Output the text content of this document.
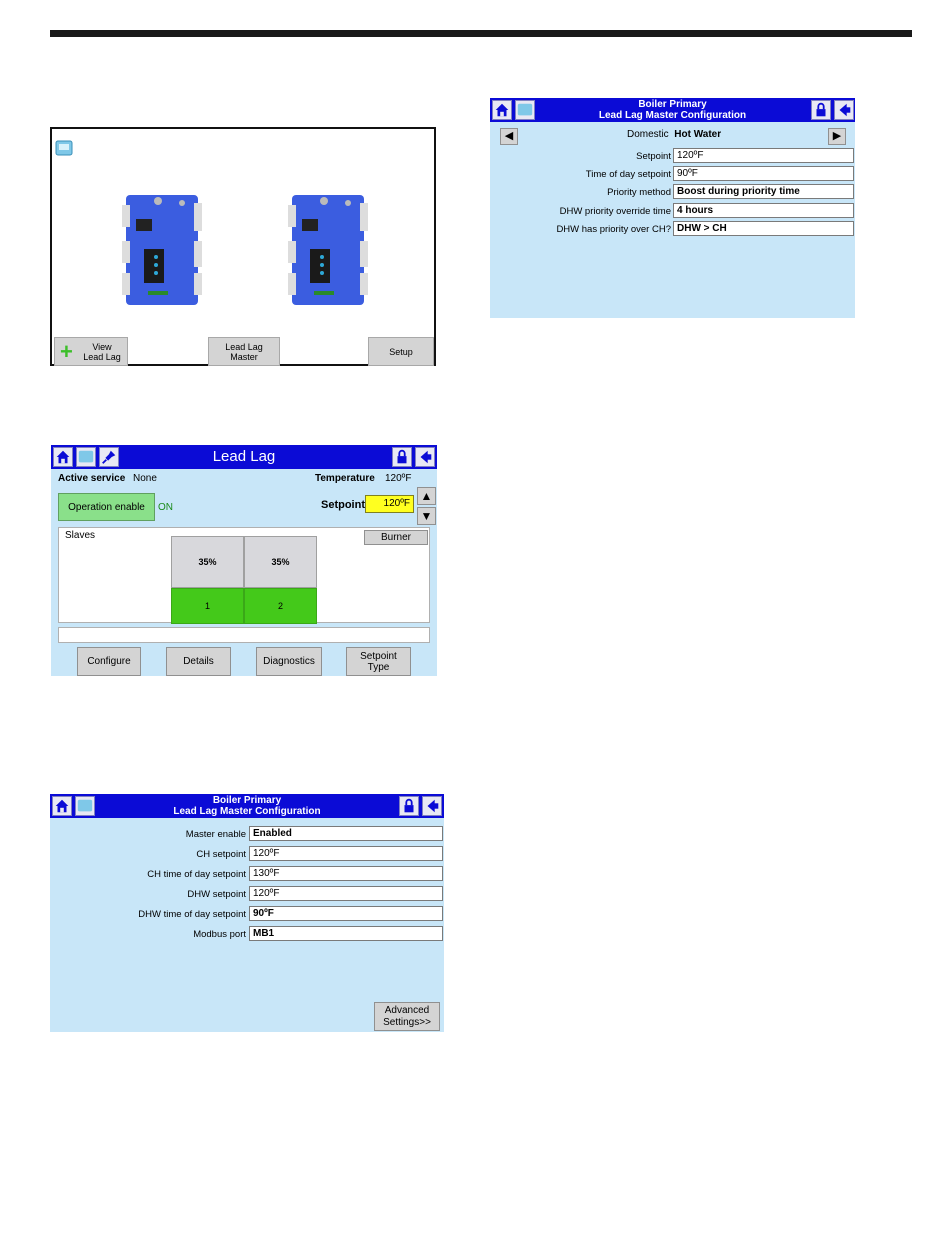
+	View
Lead Lag
Lead Lag
Master	Setup
Lead Lag
Active service None	Temperature 120ºF
Operation enable ON	Setpoint	120ºF
▲
▼
Slaves	Burner
35%
1
35%
2
Configure	Details	Diagnostics	Setpoint
Type
Boiler Primary
Lead Lag Master Configuration
Master enable Enabled
CH setpoint 120ºF
CH time of day setpoint 130ºF
DHW setpoint 120ºF
DHW time of day setpoint 90ºF
Modbus port MB1
Advanced
Settings>>
Boiler Primary
Lead Lag Master Configuration
◀	Domestic Hot Water	▶
Setpoint 120ºF
Time of day setpoint 90ºF
Priority method Boost during priority time
DHW priority override time 4 hours
DHW has priority over CH? DHW > CH
